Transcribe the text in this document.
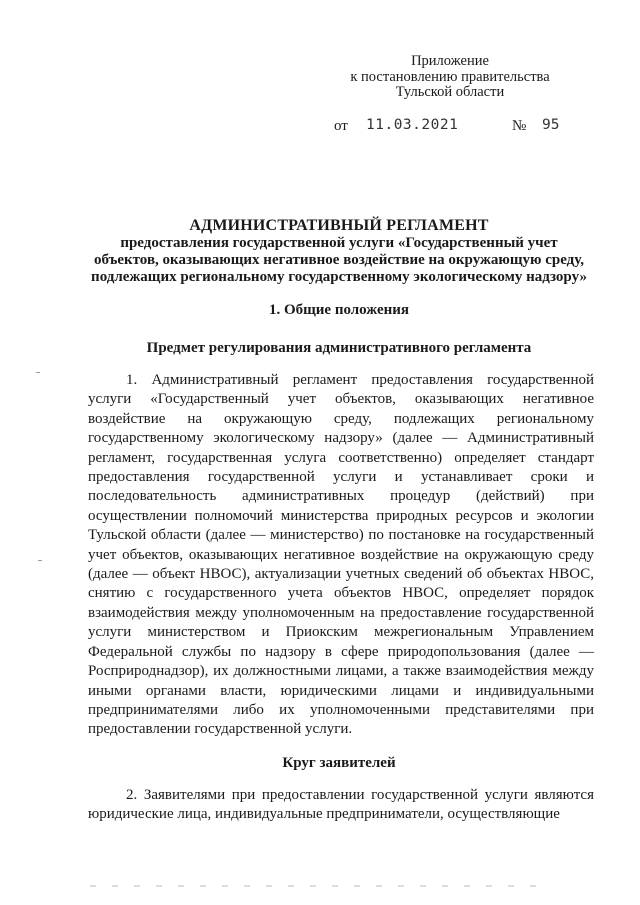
Приложение
к постановлению правительства
Тульской области
от 11.03.2021	№ 95
АДМИНИСТРАТИВНЫЙ РЕГЛАМЕНТ
предоставления государственной услуги «Государственный учет
объектов, оказывающих негативное воздействие на окружающую среду,
подлежащих региональному государственному экологическому надзору»
1. Общие положения
Предмет регулирования административного регламента
1. Административный регламент предоставления государственной услуги «Государственный учет объектов, оказывающих негативное воздействие на окружающую среду, подлежащих региональному государственному экологическому надзору» (далее — Административный регламент, государственная услуга соответственно) определяет стандарт предоставления государственной услуги и устанавливает сроки и последовательность административных процедур (действий) при осуществлении полномочий министерства природных ресурсов и экологии Тульской области (далее — министерство) по постановке на государственный учет объектов, оказывающих негативное воздействие на окружающую среду (далее — объект НВОС), актуализации учетных сведений об объектах НВОС, снятию с государственного учета объектов НВОС, определяет порядок взаимодействия между уполномоченным на предоставление государственной услуги министерством и Приокским межрегиональным Управлением Федеральной службы по надзору в сфере природопользования (далее — Росприроднадзор), их должностными лицами, а также взаимодействия между иными органами власти, юридическими лицами и индивидуальными предпринимателями либо их уполномоченными представителями при предоставлении государственной услуги.
Круг заявителей
2. Заявителями при предоставлении государственной услуги являются юридические лица, индивидуальные предприниматели, осуществляющие
